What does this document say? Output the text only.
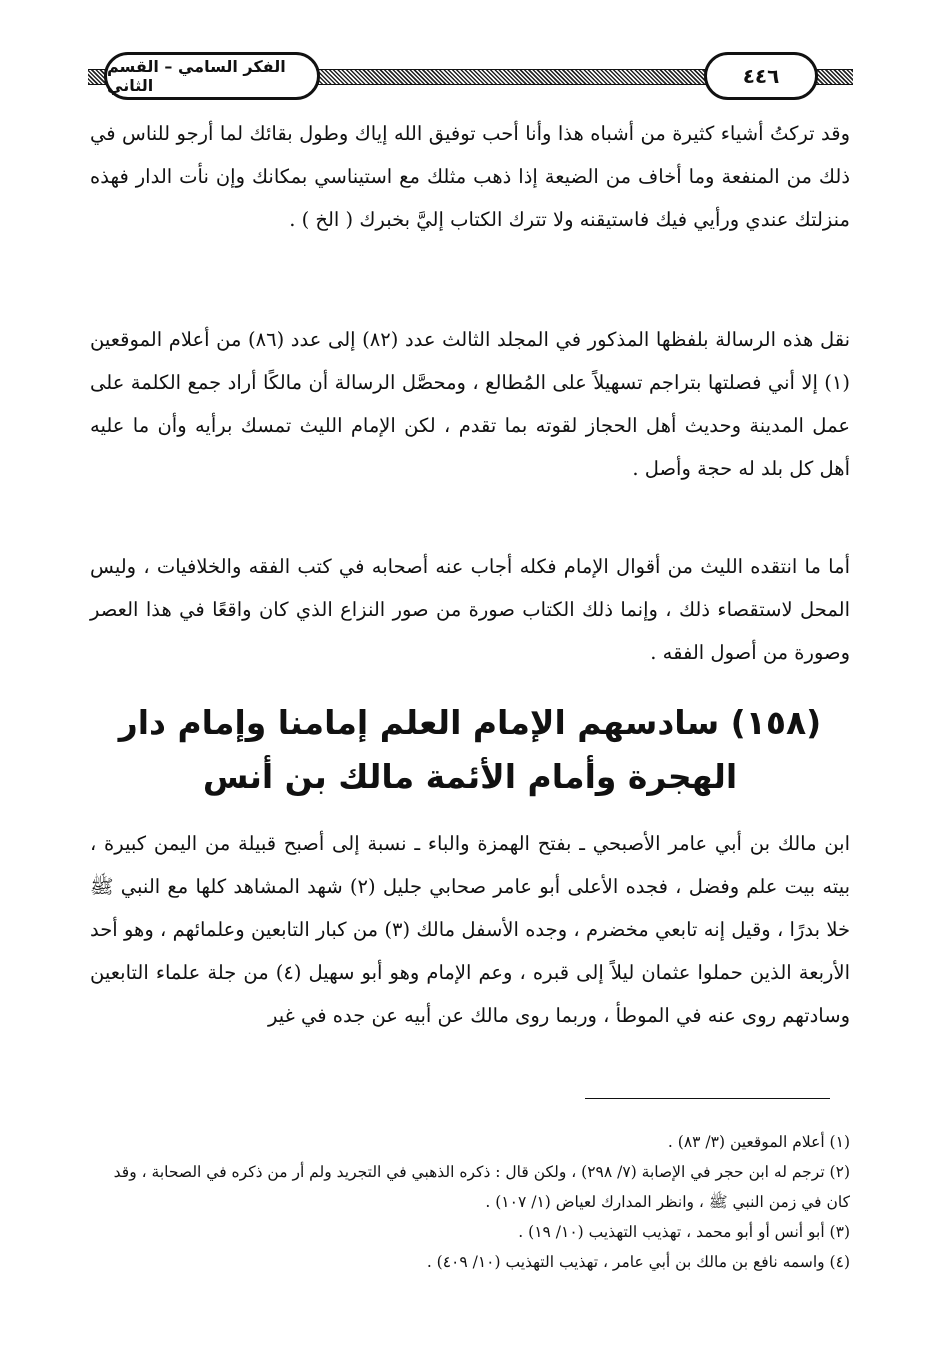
الفكر السامي – القسم الثاني	٤٤٦

وقد تركتُ أشياء كثيرة من أشباه هذا وأنا أحب توفيق الله إياك وطول بقائك لما أرجو للناس في ذلك من المنفعة وما أخاف من الضيعة إذا ذهب مثلك مع استيناسي بمكانك وإن نأت الدار فهذه منزلتك عندي ورأيي فيك فاستيقنه ولا تترك الكتاب إليَّ بخبرك ( الخ ) .

نقل هذه الرسالة بلفظها المذكور في المجلد الثالث عدد (٨٢) إلى عدد (٨٦) من أعلام الموقعين (١) إلا أني فصلتها بتراجم تسهيلاً على المُطالع ، ومحصَّل الرسالة أن مالكًا أراد جمع الكلمة على عمل المدينة وحديث أهل الحجاز لقوته بما تقدم ، لكن الإمام الليث تمسك برأيه وأن ما عليه أهل كل بلد له حجة وأصل .

أما ما انتقده الليث من أقوال الإمام فكله أجاب عنه أصحابه في كتب الفقه والخلافيات ، وليس المحل لاستقصاء ذلك ، وإنما ذلك الكتاب صورة من صور النزاع الذي كان واقعًا في هذا العصر وصورة من أصول الفقه .

(١٥٨) سادسهم الإمام العلم إمامنا وإمام دار

الهجرة وأمام الأئمة مالك بن أنس

ابن مالك بن أبي عامر الأصبحي ـ بفتح الهمزة والباء ـ نسبة إلى أصبح قبيلة من اليمن كبيرة ، بيته بيت علم وفضل ، فجده الأعلى أبو عامر صحابي جليل (٢) شهد المشاهد كلها مع النبي ﷺ خلا بدرًا ، وقيل إنه تابعي مخضرم ، وجده الأسفل مالك (٣) من كبار التابعين وعلمائهم ، وهو أحد الأربعة الذين حملوا عثمان ليلاً إلى قبره ، وعم الإمام وهو أبو سهيل (٤) من جلة علماء التابعين وسادتهم روى عنه في الموطأ ، وربما روى مالك عن أبيه عن جده في غير

(١) أعلام الموقعين (٣/ ٨٣) .

(٢) ترجم له ابن حجر في الإصابة (٧/ ٢٩٨) ، ولكن قال : ذكره الذهبي في التجريد ولم أر من ذكره في الصحابة ، وقد كان في زمن النبي ﷺ ، وانظر المدارك لعياض (١/ ١٠٧) .

(٣) أبو أنس أو أبو محمد ، تهذيب التهذيب (١٠/ ١٩) .

(٤) واسمه نافع بن مالك بن أبي عامر ، تهذيب التهذيب (١٠/ ٤٠٩) .
